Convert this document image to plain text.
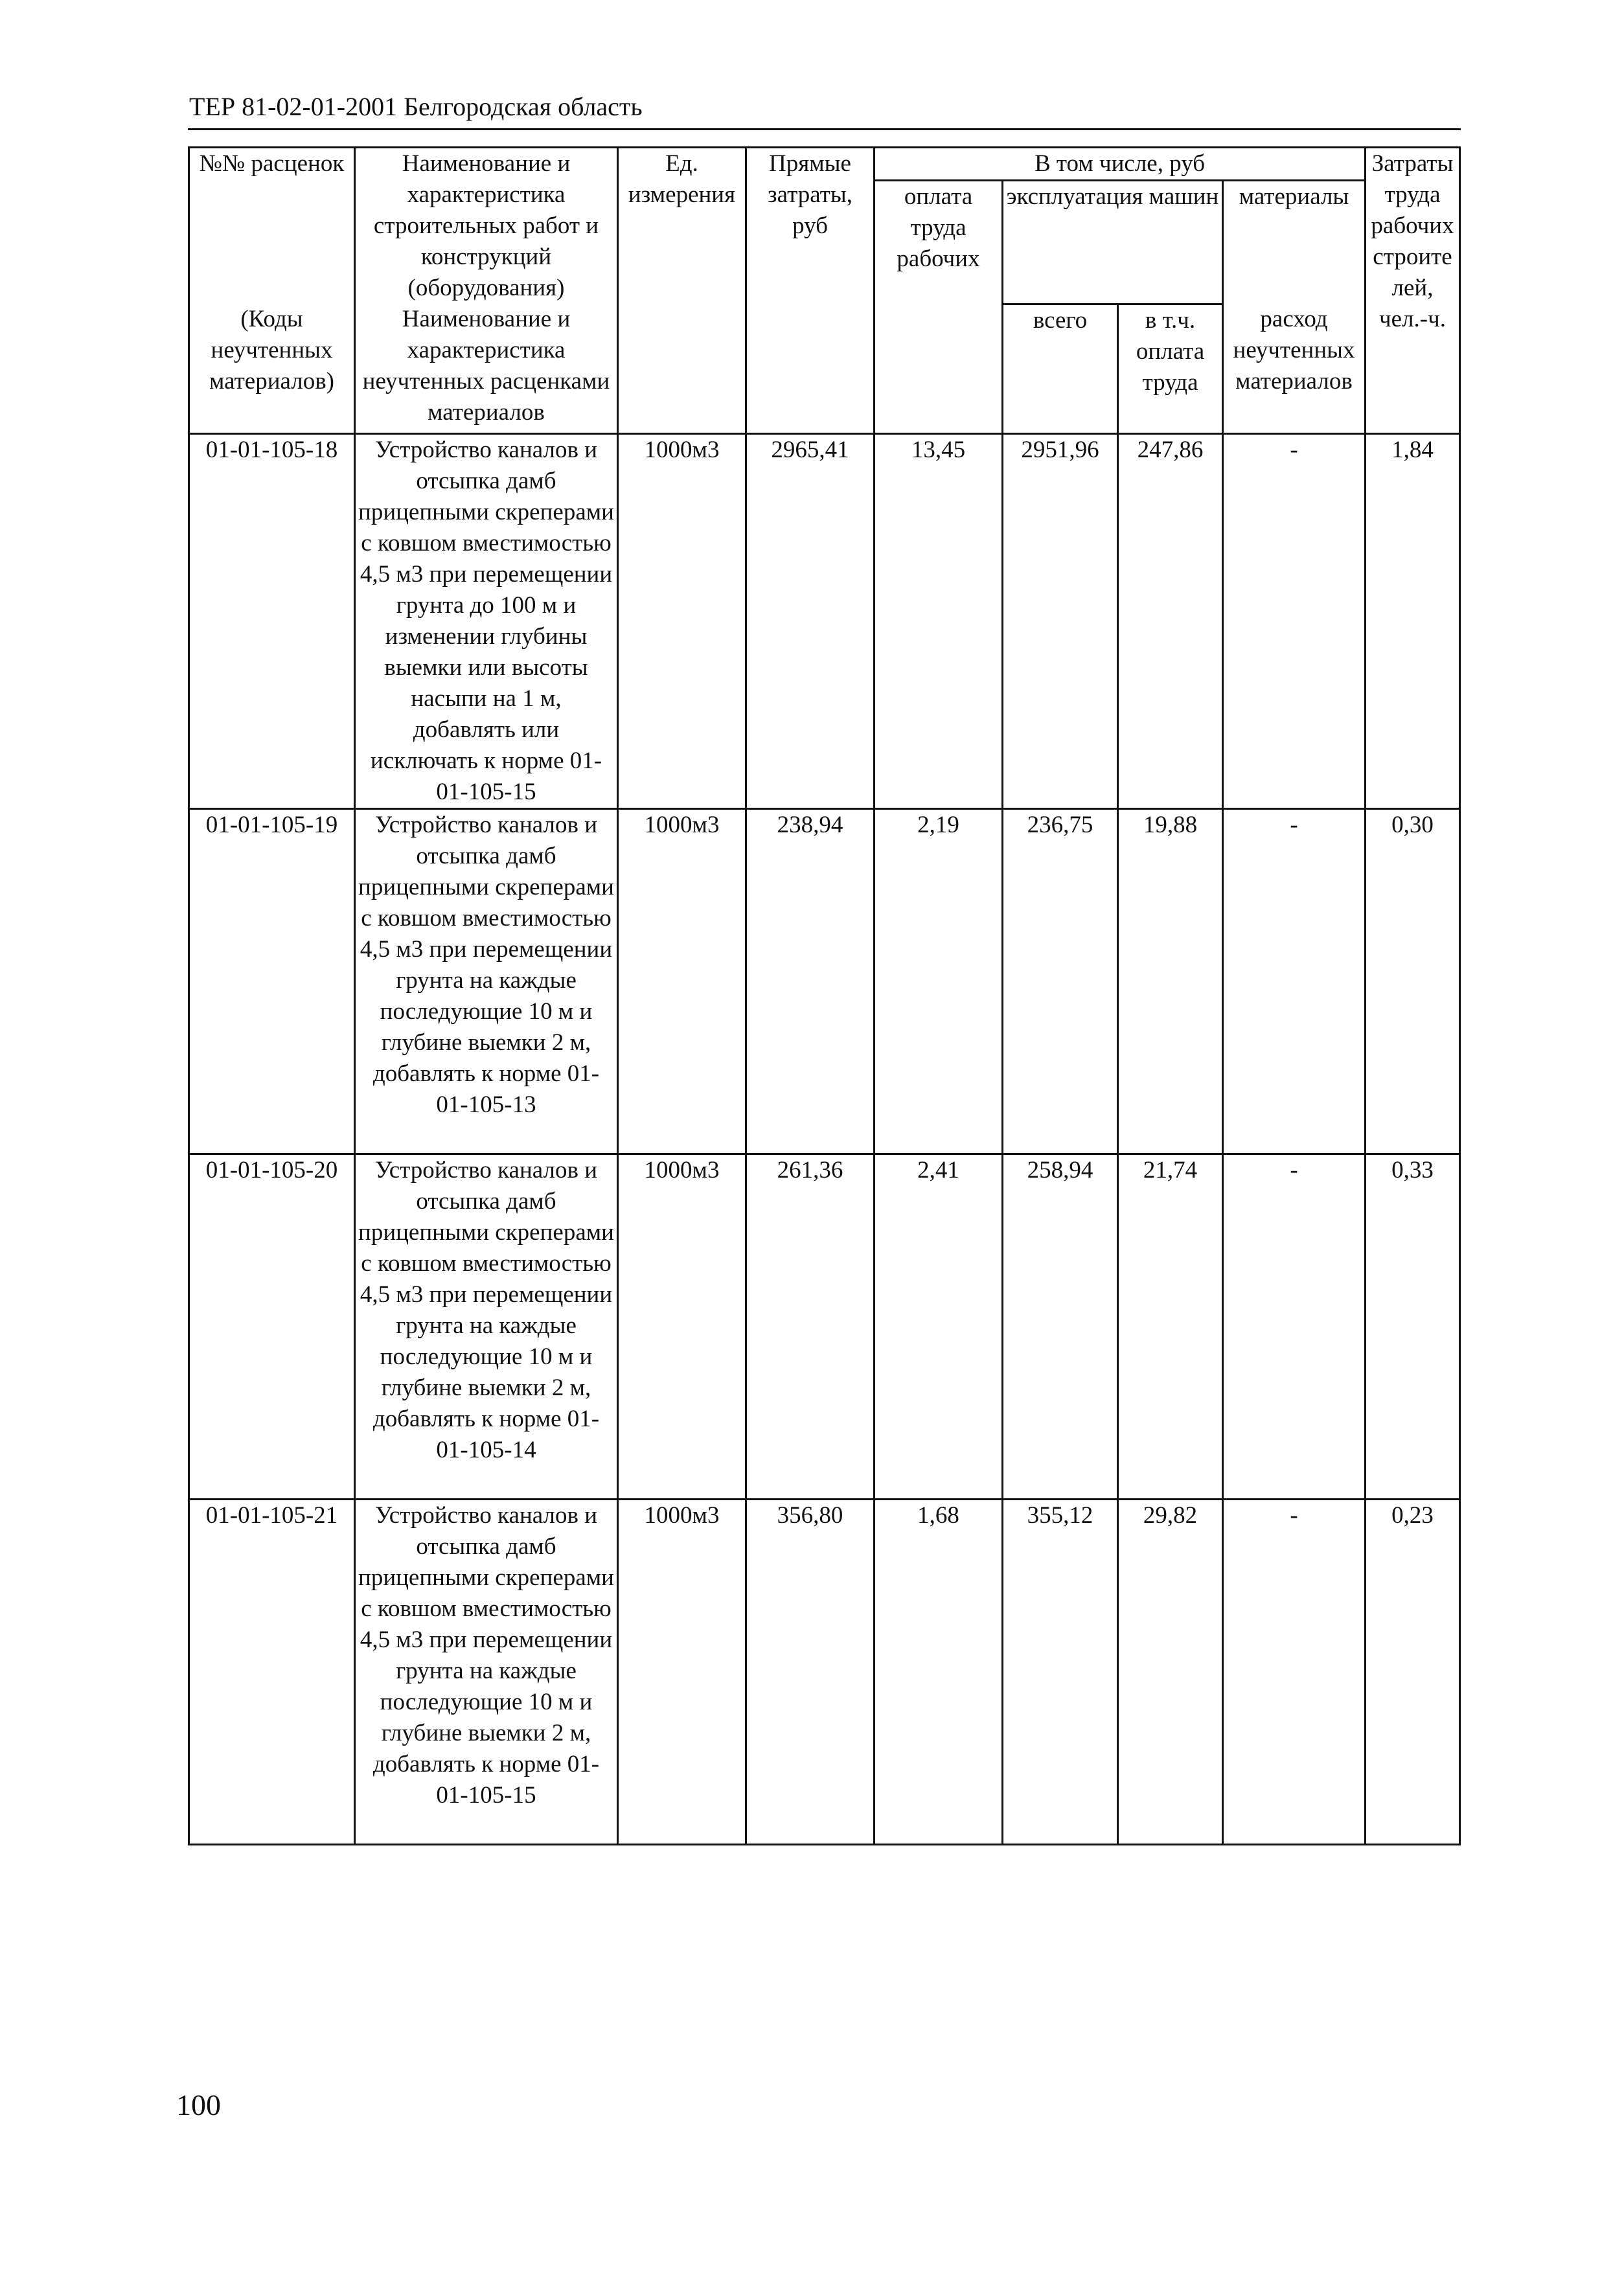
ТЕР 81-02-01-2001 Белгородская область
№№ расценок	Наименование и характеристика строительных работ и конструкций (оборудования)	Ед. измерения	Прямые затраты, руб	В том числе, руб				Затраты труда рабочих строителей, чел.-ч.
				оплата труда рабочих	эксплуатация машин		материалы	
(Коды неучтенных материалов)	Наименование и характеристика неучтенных расценками материалов				всего	в т.ч. оплата труда	расход неучтенных материалов	

01-01-105-18	Устройство каналов и отсыпка дамб прицепными скреперами с ковшом вместимостью 4,5 м3 при перемещении грунта до 100 м и изменении глубины выемки или высоты насыпи на 1 м, добавлять или исключать к норме 01-01-105-15	1000м3	2965,41	13,45	2951,96	247,86	-	1,84
01-01-105-19	Устройство каналов и отсыпка дамб прицепными скреперами с ковшом вместимостью 4,5 м3 при перемещении грунта на каждые последующие 10 м и глубине выемки 2 м, добавлять к норме 01-01-105-13	1000м3	238,94	2,19	236,75	19,88	-	0,30
01-01-105-20	Устройство каналов и отсыпка дамб прицепными скреперами с ковшом вместимостью 4,5 м3 при перемещении грунта на каждые последующие 10 м и глубине выемки 2 м, добавлять к норме 01-01-105-14	1000м3	261,36	2,41	258,94	21,74	-	0,33
01-01-105-21	Устройство каналов и отсыпка дамб прицепными скреперами с ковшом вместимостью 4,5 м3 при перемещении грунта на каждые последующие 10 м и глубине выемки 2 м, добавлять к норме 01-01-105-15	1000м3	356,80	1,68	355,12	29,82	-	0,23
100
